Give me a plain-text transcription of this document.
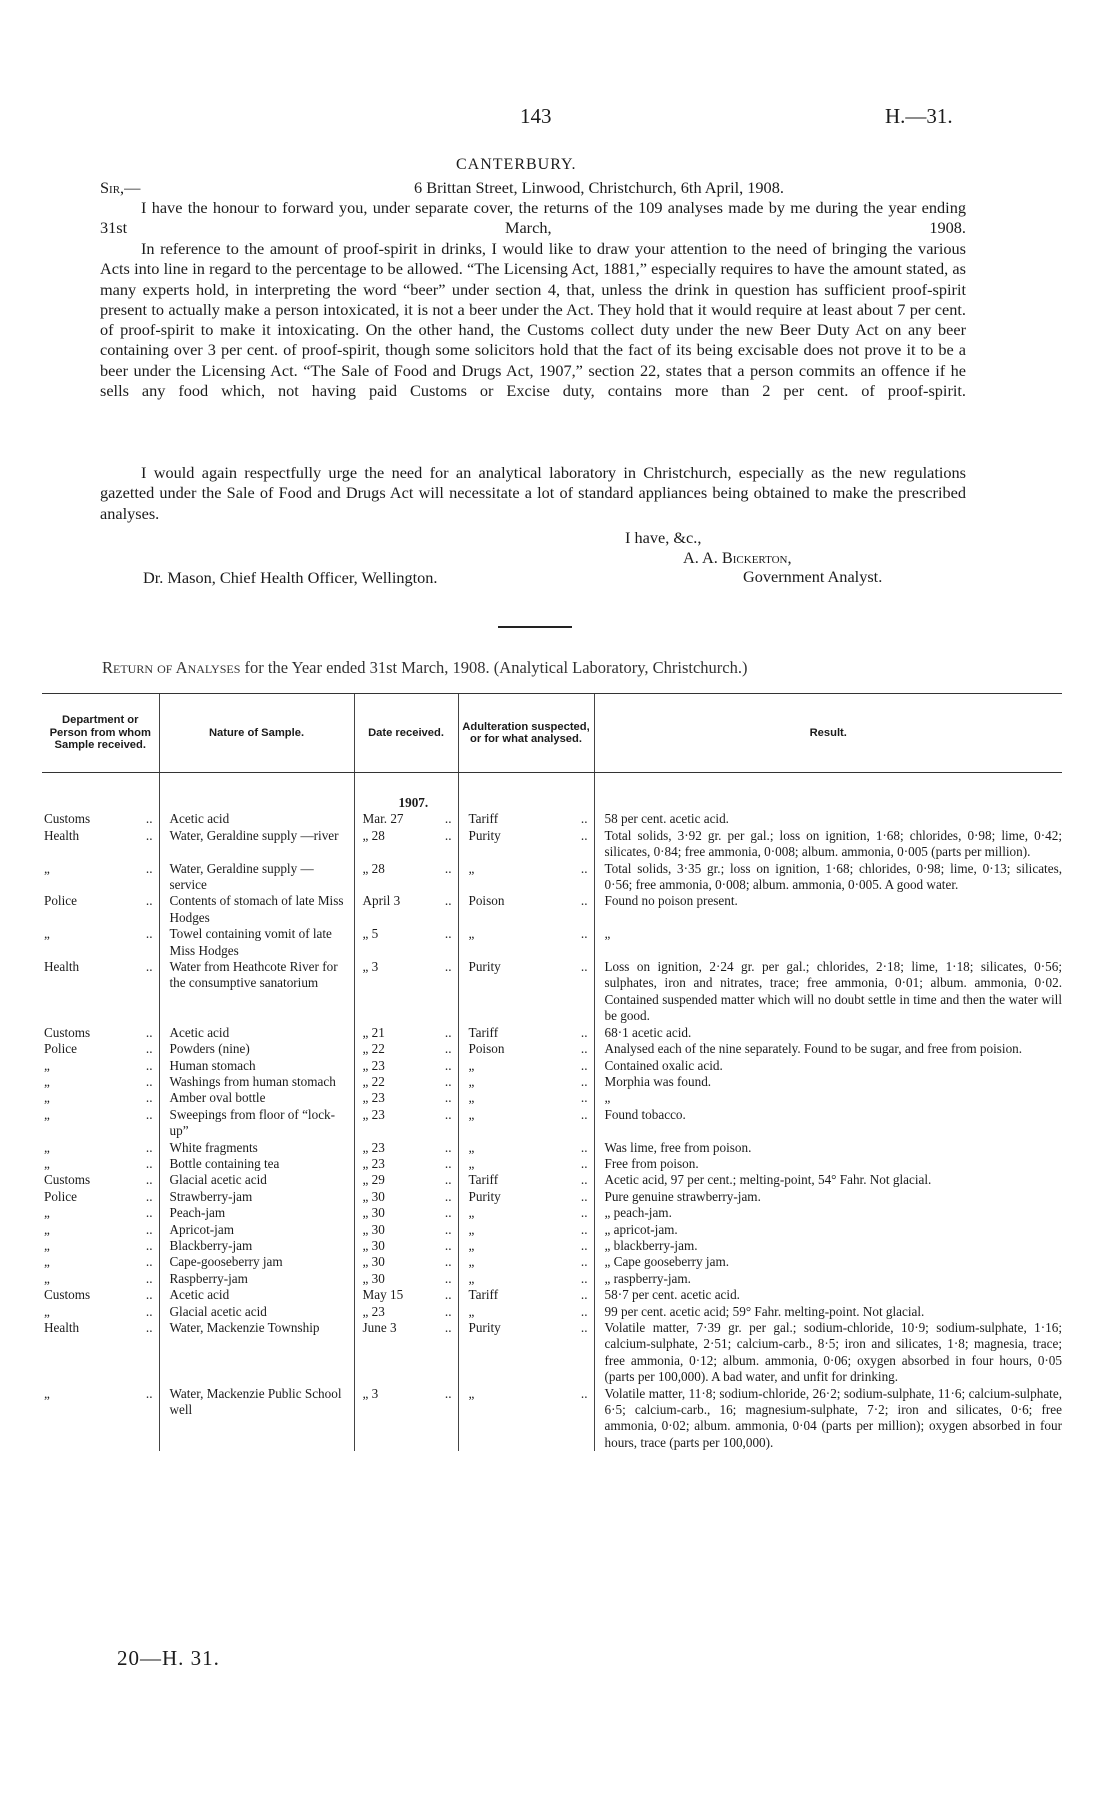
143	H.—31.
CANTERBURY.
Sir,—	6 Brittan Street, Linwood, Christchurch, 6th April, 1908.
I have the honour to forward you, under separate cover, the returns of the 109 analyses made by me during the year ending 31st March, 1908.
In reference to the amount of proof-spirit in drinks, I would like to draw your attention to the need of bringing the various Acts into line in regard to the percentage to be allowed. “The Licensing Act, 1881,” especially requires to have the amount stated, as many experts hold, in interpreting the word “beer” under section 4, that, unless the drink in question has sufficient proof-spirit present to actually make a person intoxicated, it is not a beer under the Act. They hold that it would require at least about 7 per cent. of proof-spirit to make it intoxicating. On the other hand, the Customs collect duty under the new Beer Duty Act on any beer containing over 3 per cent. of proof-spirit, though some solicitors hold that the fact of its being excisable does not prove it to be a beer under the Licensing Act. “The Sale of Food and Drugs Act, 1907,” section 22, states that a person commits an offence if he sells any food which, not having paid Customs or Excise duty, contains more than 2 per cent. of proof-spirit.
I would again respectfully urge the need for an analytical laboratory in Christchurch, especially as the new regulations gazetted under the Sale of Food and Drugs Act will necessitate a lot of standard appliances being obtained to make the prescribed analyses.
I have, &c.,
A. A. Bickerton,
Government Analyst.
Dr. Mason, Chief Health Officer, Wellington.
Return of Analyses for the Year ended 31st March, 1908. (Analytical Laboratory, Christchurch.)
Department or Person from whom Sample received.	Nature of Sample.	Date received.	Adulteration suspected, or for what analysed.	Result.

		1907.		

Customs ..	Acetic acid	Mar. 27 ..	Tariff ..	58 per cent. acetic acid.
Health ..	Water, Geraldine supply —river	„ 28 ..	Purity ..	Total solids, 3·92 gr. per gal.; loss on ignition, 1·68; chlorides, 0·98; lime, 0·42; silicates, 0·84; free ammonia, 0·008; album. ammonia, 0·005 (parts per million).
„ ..	Water, Geraldine supply —service	„ 28 ..	„ ..	Total solids, 3·35 gr.; loss on ignition, 1·68; chlorides, 0·98; lime, 0·13; silicates, 0·56; free ammonia, 0·008; album. ammonia, 0·005. A good water.
Police ..	Contents of stomach of late Miss Hodges	April 3 ..	Poison ..	Found no poison present.
„ ..	Towel containing vomit of late Miss Hodges	„ 5 ..	„ ..	„
Health ..	Water from Heathcote River for the consumptive sanatorium	„ 3 ..	Purity ..	Loss on ignition, 2·24 gr. per gal.; chlorides, 2·18; lime, 1·18; silicates, 0·56; sulphates, iron and nitrates, trace; free ammonia, 0·01; album. ammonia, 0·02. Contained suspended matter which will no doubt settle in time and then the water will be good.
Customs ..	Acetic acid	„ 21 ..	Tariff ..	68·1 acetic acid.
Police ..	Powders (nine)	„ 22 ..	Poison ..	Analysed each of the nine separately. Found to be sugar, and free from poision.
„ ..	Human stomach	„ 23 ..	„ ..	Contained oxalic acid.
„ ..	Washings from human stomach	„ 22 ..	„ ..	Morphia was found.
„ ..	Amber oval bottle	„ 23 ..	„ ..	„
„ ..	Sweepings from floor of “lock-up”	„ 23 ..	„ ..	Found tobacco.
„ ..	White fragments	„ 23 ..	„ ..	Was lime, free from poison.
„ ..	Bottle containing tea	„ 23 ..	„ ..	Free from poison.
Customs ..	Glacial acetic acid	„ 29 ..	Tariff ..	Acetic acid, 97 per cent.; melting-point, 54° Fahr. Not glacial.
Police ..	Strawberry-jam	„ 30 ..	Purity ..	Pure genuine strawberry-jam.
„ ..	Peach-jam	„ 30 ..	„ ..	„ peach-jam.
„ ..	Apricot-jam	„ 30 ..	„ ..	„ apricot-jam.
„ ..	Blackberry-jam	„ 30 ..	„ ..	„ blackberry-jam.
„ ..	Cape-gooseberry jam	„ 30 ..	„ ..	„ Cape gooseberry jam.
„ ..	Raspberry-jam	„ 30 ..	„ ..	„ raspberry-jam.
Customs ..	Acetic acid	May 15 ..	Tariff ..	58·7 per cent. acetic acid.
„ ..	Glacial acetic acid	„ 23 ..	„ ..	99 per cent. acetic acid; 59° Fahr. melting-point. Not glacial.
Health ..	Water, Mackenzie Township	June 3 ..	Purity ..	Volatile matter, 7·39 gr. per gal.; sodium-chloride, 10·9; sodium-sulphate, 1·16; calcium-sulphate, 2·51; calcium-carb., 8·5; iron and silicates, 1·8; magnesia, trace; free ammonia, 0·12; album. ammonia, 0·06; oxygen absorbed in four hours, 0·05 (parts per 100,000). A bad water, and unfit for drinking.
„ ..	Water, Mackenzie Public School well	„ 3 ..	„ ..	Volatile matter, 11·8; sodium-chloride, 26·2; sodium-sulphate, 11·6; calcium-sulphate, 6·5; calcium-carb., 16; magnesium-sulphate, 7·2; iron and silicates, 0·6; free ammonia, 0·02; album. ammonia, 0·04 (parts per million); oxygen absorbed in four hours, trace (parts per 100,000).
20—H. 31.
